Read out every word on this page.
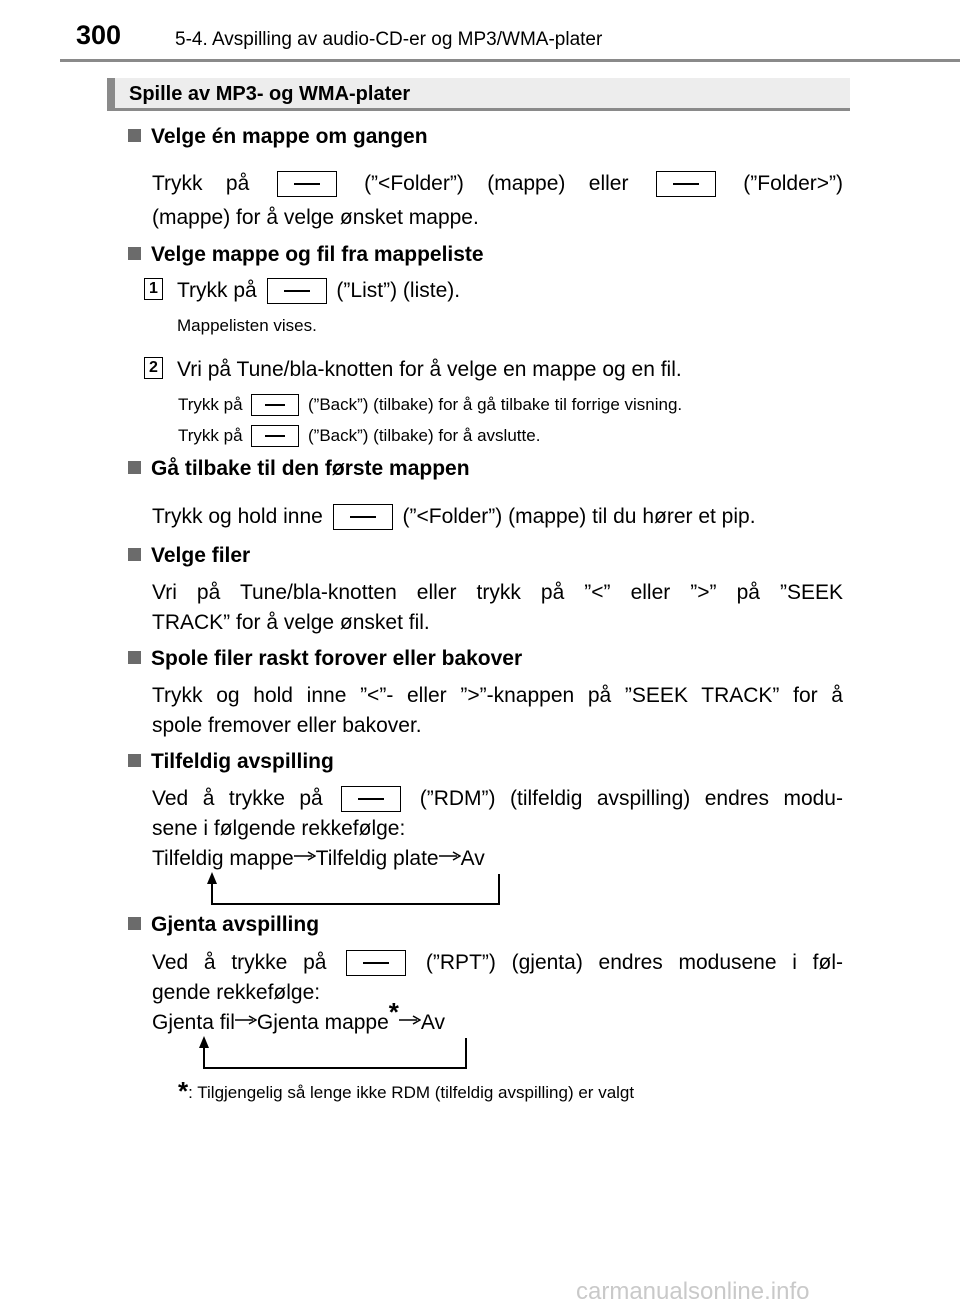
300	5-4. Avspilling av audio-CD-er og MP3/WMA-plater
Spille av MP3- og WMA-plater
Velge én mappe om gangen
Trykk på	(”<Folder”) (mappe) eller	(”Folder>”)
(mappe) for å velge ønsket mappe.
Velge mappe og fil fra mappeliste
1 Trykk på	(”List”) (liste).
Mappelisten vises.
2 Vri på Tune/bla-knotten for å velge en mappe og en fil.
Trykk på	(”Back”) (tilbake) for å gå tilbake til forrige visning.
Trykk på	(”Back”) (tilbake) for å avslutte.
Gå tilbake til den første mappen
Trykk og hold inne	(”<Folder”) (mappe) til du hører et pip.
Velge filer
Vri på Tune/bla-knotten eller trykk på ”<” eller ”>” på ”SEEK
TRACK” for å velge ønsket fil.
Spole filer raskt forover eller bakover
Trykk og hold inne ”<”- eller ”>”-knappen på ”SEEK TRACK” for å
spole fremover eller bakover.
Tilfeldig avspilling
Ved å trykke på	(”RDM”) (tilfeldig avspilling) endres modu-
sene i følgende rekkefølge:
Tilfeldig mappe Tilfeldig plate Av
Gjenta avspilling
Ved å trykke på	(”RPT”) (gjenta) endres modusene i føl-
gende rekkefølge:
Gjenta fil Gjenta mappe* Av
*: Tilgjengelig så lenge ikke RDM (tilfeldig avspilling) er valgt
carmanualsonline.info
